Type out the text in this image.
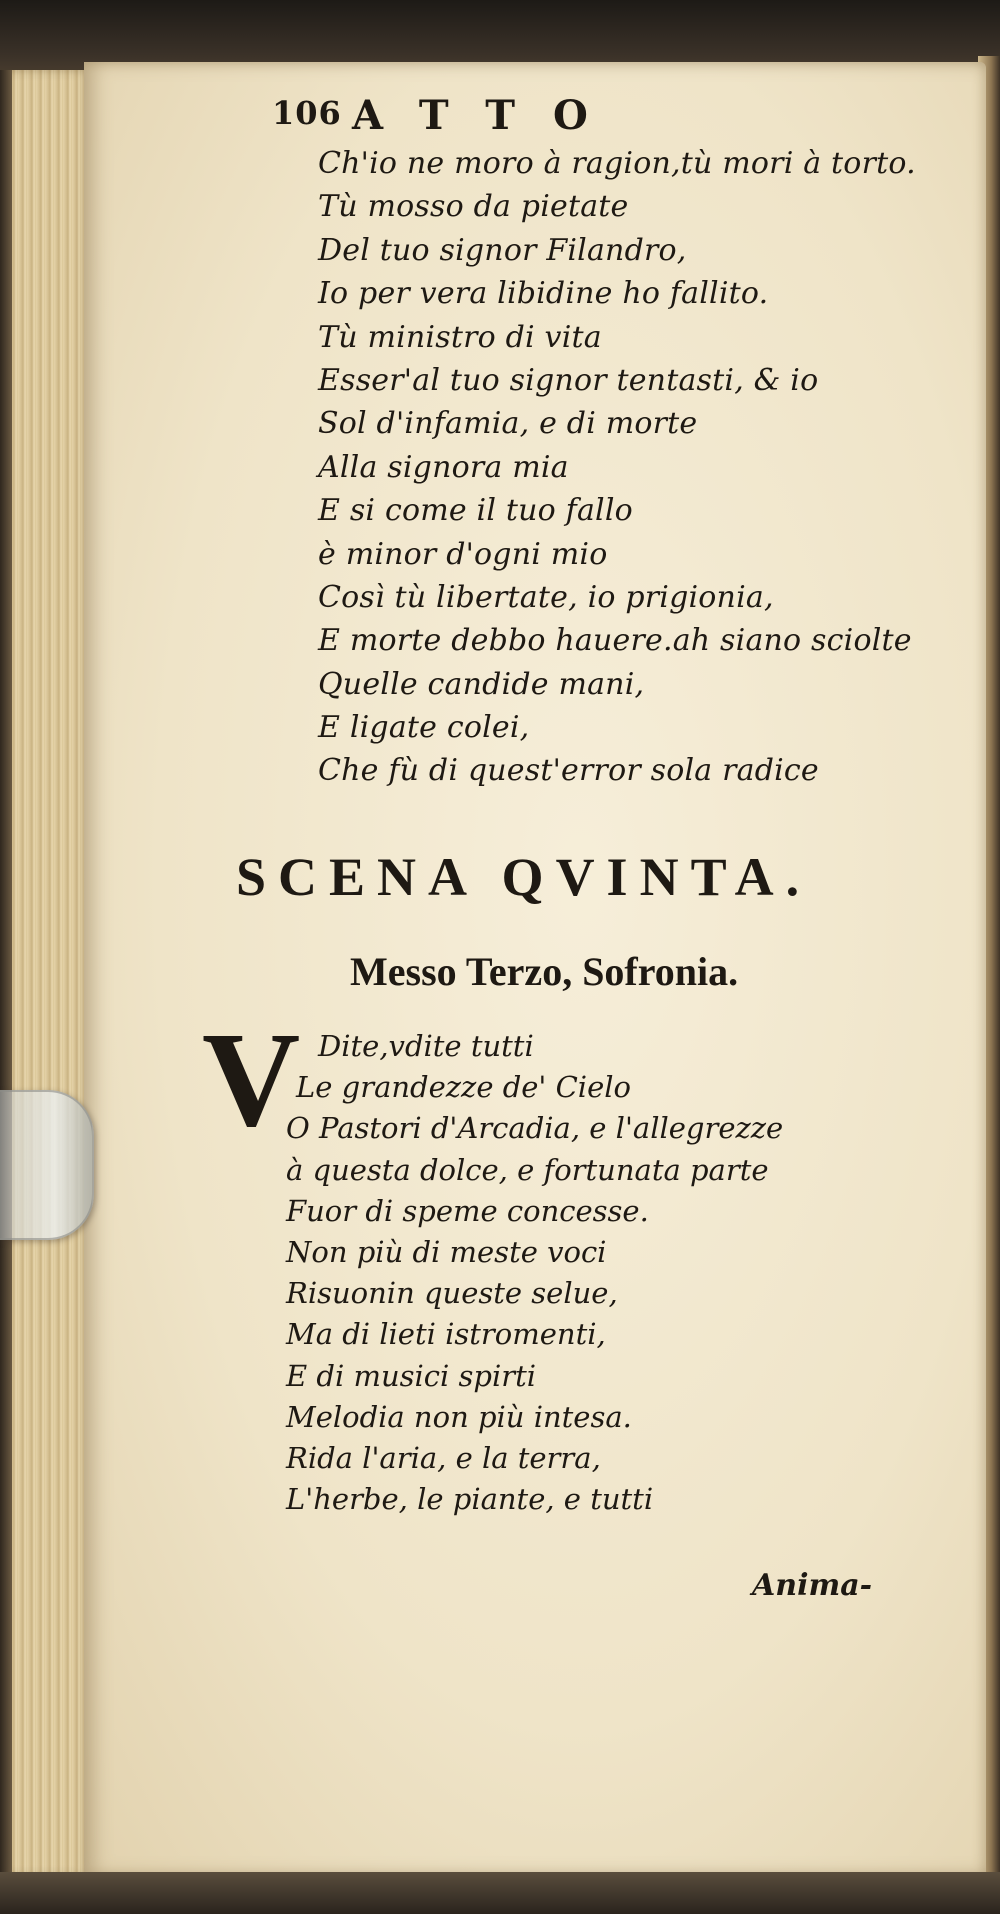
106 ATTO
Ch'io ne moro à ragion,tù mori à torto.
Tù mosso da pietate
Del tuo signor Filandro,
Io per vera libidine ho fallito.
Tù ministro di vita
Esser'al tuo signor tentasti, & io
Sol d'infamia, e di morte
Alla signora mia
E si come il tuo fallo
è minor d'ogni mio
Così tù libertate, io prigionia,
E morte debbo hauere.ah siano sciolte
Quelle candide mani,
E ligate colei,
Che fù di quest'error sola radice
SCENA QVINTA.
Messo Terzo, Sofronia.
V Dite,vdite tutti
Le grandezze de' Cielo
O Pastori d'Arcadia, e l'allegrezze
à questa dolce, e fortunata parte
Fuor di speme concesse.
Non più di meste voci
Risuonin queste selue,
Ma di lieti istromenti,
E di musici spirti
Melodia non più intesa.
Rida l'aria, e la terra,
L'herbe, le piante, e tutti
Anima-
